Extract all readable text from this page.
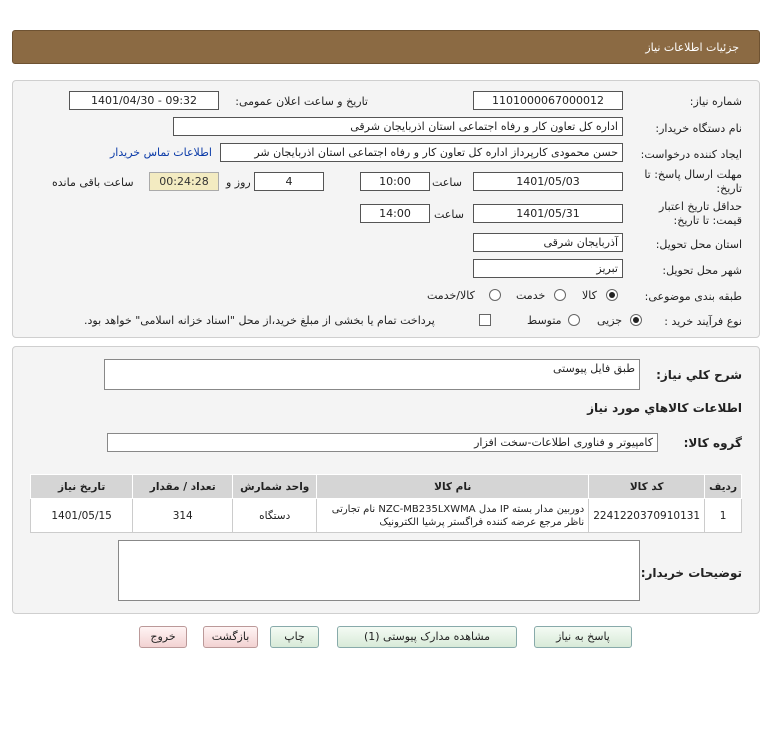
جزئیات اطلاعات نیاز
شماره نیاز:
1101000067000012
تاریخ و ساعت اعلان عمومی:
1401/04/30 - 09:32
نام دستگاه خریدار:
اداره کل تعاون کار و رفاه اجتماعی استان اذربایجان شرقی
ایجاد کننده درخواست:
حسن محمودی کارپرداز اداره کل تعاون کار و رفاه اجتماعی استان اذربایجان شر
اطلاعات تماس خریدار
مهلت ارسال پاسخ: تا
تاریخ:
1401/05/03
ساعت
10:00
4
روز و
00:24:28
ساعت باقی مانده
حداقل تاریخ اعتبار
قیمت: تا تاریخ:
1401/05/31
ساعت
14:00
استان محل تحویل:
آذربایجان شرقی
شهر محل تحویل:
تبریز
طبقه بندی موضوعی:
کالا
خدمت
کالا/خدمت
نوع فرآیند خرید :
جزیی
متوسط
پرداخت تمام یا بخشی از مبلغ خرید،از محل "اسناد خزانه اسلامی" خواهد بود.
شرح كلي نياز:
طبق فایل پیوستی
اطلاعات كالاهاي مورد نياز
گروه كالا:
کامپیوتر و فناوری اطلاعات-سخت افزار
ردیف	کد کالا	نام کالا	واحد شمارش	تعداد / مقدار	تاریخ نیاز
1	2241220370910131	دوربین مدار بسته IP مدل NZC-MB235LXWMA نام تجارتی ناظر مرجع عرضه کننده فراگستر پرشیا الکترونیک	دستگاه	314	1401/05/15
توضیحات خریدار:
پاسخ به نیاز
مشاهده مدارک پیوستی (1)
چاپ
بازگشت
خروج
